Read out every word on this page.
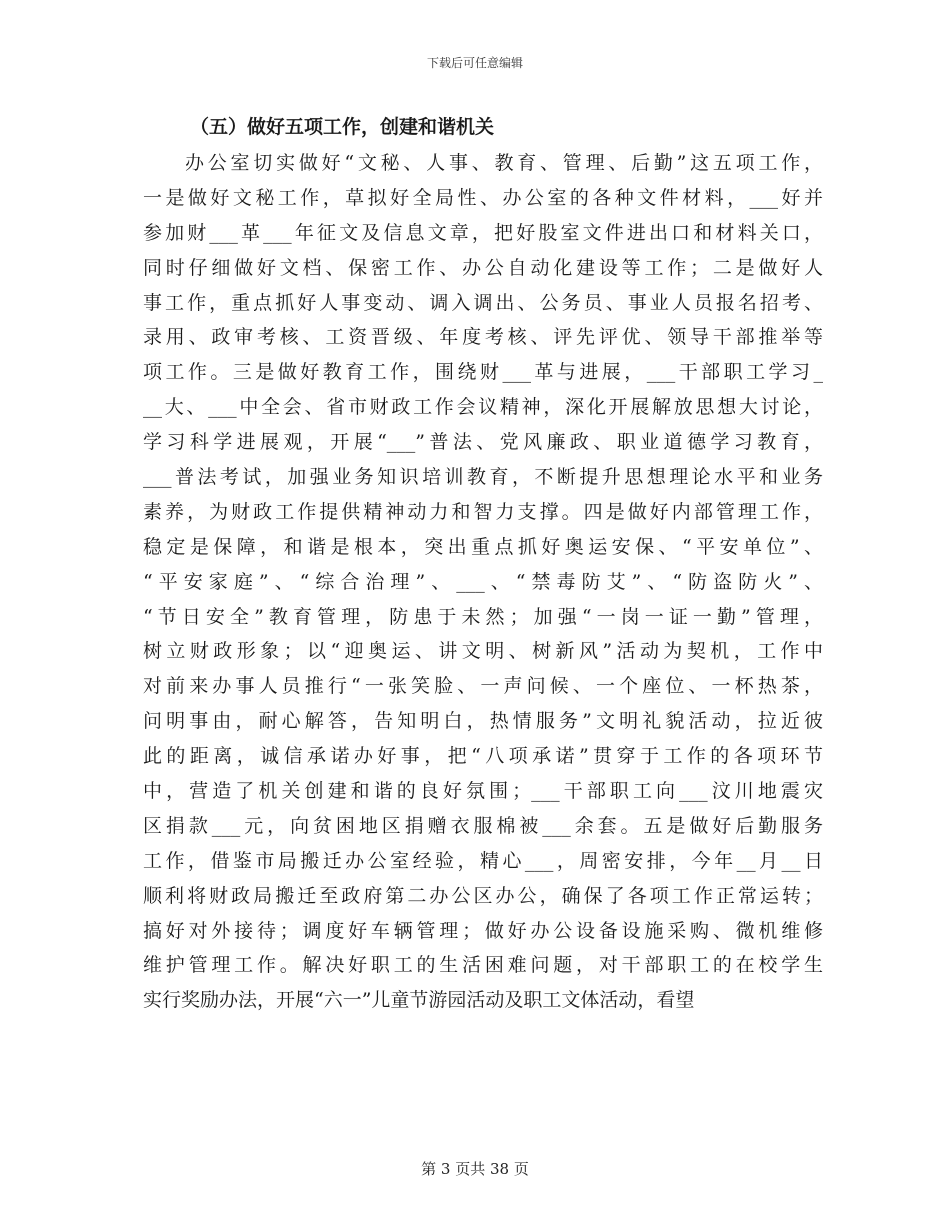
下载后可任意编辑
（五）做好五项工作，创建和谐机关
办公室切实做好“文秘、人事、教育、管理、后勤”这五项工作，
一是做好文秘工作，草拟好全局性、办公室的各种文件材料，___好并
参加财___革___年征文及信息文章，把好股室文件进出口和材料关口，
同时仔细做好文档、保密工作、办公自动化建设等工作；二是做好人
事工作，重点抓好人事变动、调入调出、公务员、事业人员报名招考、
录用、政审考核、工资晋级、年度考核、评先评优、领导干部推举等
项工作。三是做好教育工作，围绕财___革与进展，___干部职工学习_
__大、___中全会、省市财政工作会议精神，深化开展解放思想大讨论，
学习科学进展观，开展“___”普法、党风廉政、职业道德学习教育，
___普法考试，加强业务知识培训教育，不断提升思想理论水平和业务
素养，为财政工作提供精神动力和智力支撑。四是做好内部管理工作，
稳定是保障，和谐是根本，突出重点抓好奥运安保、“平安单位”、
“平安家庭”、“综合治理”、___、“禁毒防艾”、“防盗防火”、
“节日安全”教育管理，防患于未然；加强“一岗一证一勤”管理，
树立财政形象；以“迎奥运、讲文明、树新风”活动为契机，工作中
对前来办事人员推行“一张笑脸、一声问候、一个座位、一杯热茶，
问明事由，耐心解答，告知明白，热情服务”文明礼貌活动，拉近彼
此的距离，诚信承诺办好事，把“八项承诺”贯穿于工作的各项环节
中，营造了机关创建和谐的良好氛围；___干部职工向___汶川地震灾
区捐款___元，向贫困地区捐赠衣服棉被___余套。五是做好后勤服务
工作，借鉴市局搬迁办公室经验，精心___，周密安排，今年__月__日
顺利将财政局搬迁至政府第二办公区办公，确保了各项工作正常运转；
搞好对外接待；调度好车辆管理；做好办公设备设施采购、微机维修
维护管理工作。解决好职工的生活困难问题，对干部职工的在校学生
实行奖励办法，开展“六一”儿童节游园活动及职工文体活动，看望
第 3 页共 38 页
